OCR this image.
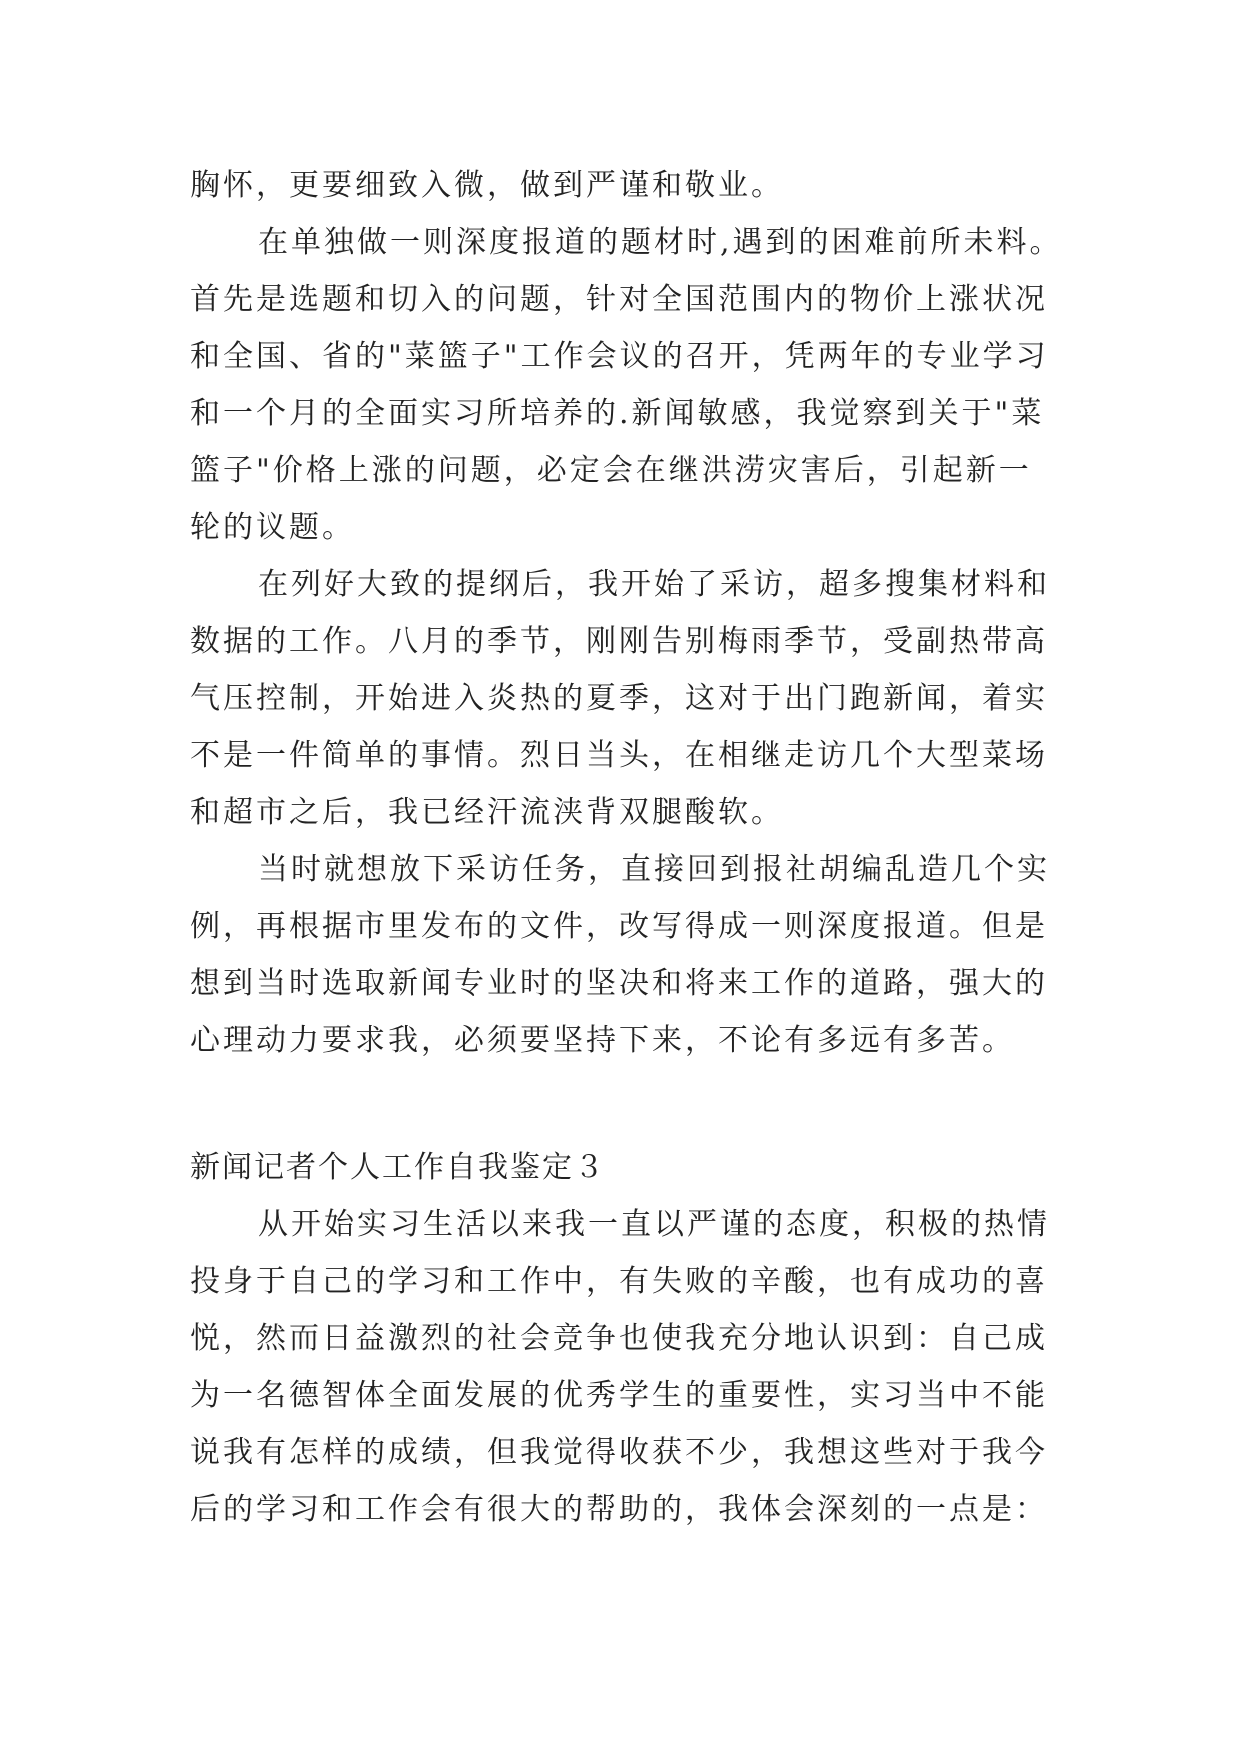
胸怀，更要细致入微，做到严谨和敬业。
在单独做一则深度报道的题材时,遇到的困难前所未料。
首先是选题和切入的问题，针对全国范围内的物价上涨状况
和全国、省的"菜篮子"工作会议的召开，凭两年的专业学习
和一个月的全面实习所培养的.新闻敏感，我觉察到关于"菜
篮子"价格上涨的问题，必定会在继洪涝灾害后，引起新一
轮的议题。
在列好大致的提纲后，我开始了采访，超多搜集材料和
数据的工作。八月的季节，刚刚告别梅雨季节，受副热带高
气压控制，开始进入炎热的夏季，这对于出门跑新闻，着实
不是一件简单的事情。烈日当头，在相继走访几个大型菜场
和超市之后，我已经汗流浃背双腿酸软。
当时就想放下采访任务，直接回到报社胡编乱造几个实
例，再根据市里发布的文件，改写得成一则深度报道。但是
想到当时选取新闻专业时的坚决和将来工作的道路，强大的
心理动力要求我，必须要坚持下来，不论有多远有多苦。
新闻记者个人工作自我鉴定３
从开始实习生活以来我一直以严谨的态度，积极的热情
投身于自己的学习和工作中，有失败的辛酸，也有成功的喜
悦，然而日益激烈的社会竞争也使我充分地认识到：自己成
为一名德智体全面发展的优秀学生的重要性，实习当中不能
说我有怎样的成绩，但我觉得收获不少，我想这些对于我今
后的学习和工作会有很大的帮助的，我体会深刻的一点是：
